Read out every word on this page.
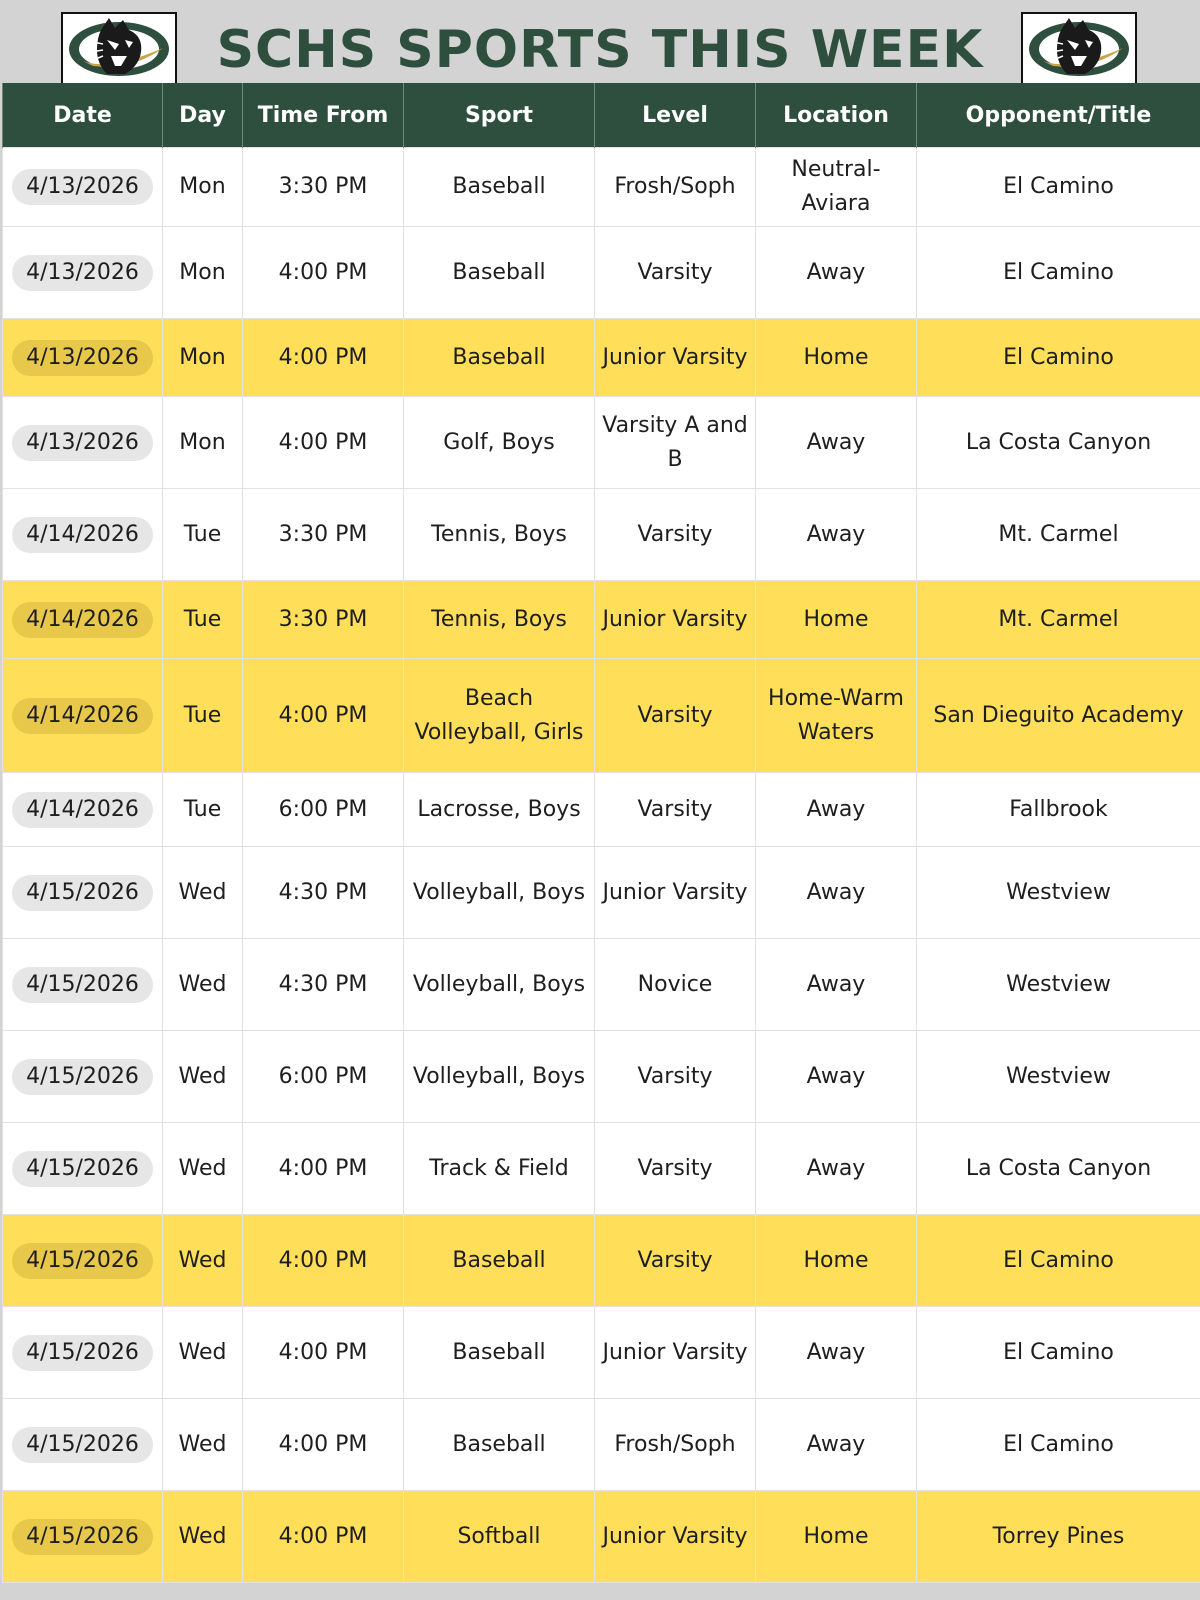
SCHS SPORTS THIS WEEK
Date	Day	Time From	Sport	Level	Location	Opponent/Title
4/13/2026	Mon	3:30 PM	Baseball	Frosh/Soph	Neutral-Aviara	El Camino
4/13/2026	Mon	4:00 PM	Baseball	Varsity	Away	El Camino
4/13/2026	Mon	4:00 PM	Baseball	Junior Varsity	Home	El Camino
4/13/2026	Mon	4:00 PM	Golf, Boys	Varsity A and B	Away	La Costa Canyon
4/14/2026	Tue	3:30 PM	Tennis, Boys	Varsity	Away	Mt. Carmel
4/14/2026	Tue	3:30 PM	Tennis, Boys	Junior Varsity	Home	Mt. Carmel
4/14/2026	Tue	4:00 PM	Beach Volleyball, Girls	Varsity	Home-Warm Waters	San Dieguito Academy
4/14/2026	Tue	6:00 PM	Lacrosse, Boys	Varsity	Away	Fallbrook
4/15/2026	Wed	4:30 PM	Volleyball, Boys	Junior Varsity	Away	Westview
4/15/2026	Wed	4:30 PM	Volleyball, Boys	Novice	Away	Westview
4/15/2026	Wed	6:00 PM	Volleyball, Boys	Varsity	Away	Westview
4/15/2026	Wed	4:00 PM	Track & Field	Varsity	Away	La Costa Canyon
4/15/2026	Wed	4:00 PM	Baseball	Varsity	Home	El Camino
4/15/2026	Wed	4:00 PM	Baseball	Junior Varsity	Away	El Camino
4/15/2026	Wed	4:00 PM	Baseball	Frosh/Soph	Away	El Camino
4/15/2026	Wed	4:00 PM	Softball	Junior Varsity	Home	Torrey Pines
